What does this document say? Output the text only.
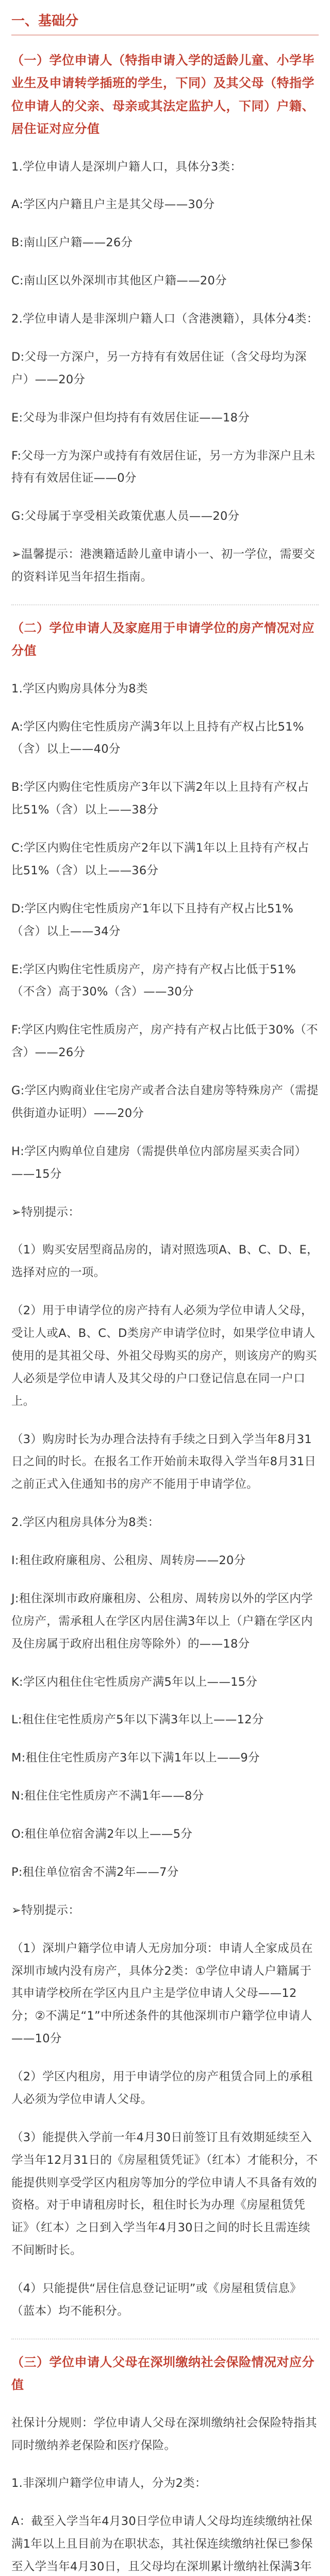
一、基础分
（一）学位申请人（特指申请入学的适龄儿童、小学毕业生及申请转学插班的学生，下同）及其父母（特指学位申请人的父亲、母亲或其法定监护人，下同）户籍、居住证对应分值

1.学位申请人是深圳户籍人口，具体分3类：

A:学区内户籍且户主是其父母——30分

B:南山区户籍——26分

C:南山区以外深圳市其他区户籍——20分

2.学位申请人是非深圳户籍人口（含港澳籍），具体分4类：

D:父母一方深户，另一方持有有效居住证（含父母均为深户）——20分

E:父母为非深户但均持有有效居住证——18分

F:父母一方为深户或持有有效居住证，另一方为非深户且未持有有效居住证——0分

G:父母属于享受相关政策优惠人员——20分

➢温馨提示：港澳籍适龄儿童申请小一、初一学位，需要交的资料详见当年招生指南。

（二）学位申请人及家庭用于申请学位的房产情况对应分值

1.学区内购房具体分为8类

A:学区内购住宅性质房产满3年以上且持有产权占比51%（含）以上——40分

B:学区内购住宅性质房产3年以下满2年以上且持有产权占比51%（含）以上——38分

C:学区内购住宅性质房产2年以下满1年以上且持有产权占比51%（含）以上——36分

D:学区内购住宅性质房产1年以下且持有产权占比51%（含）以上——34分

E:学区内购住宅性质房产，房产持有产权占比低于51%（不含）高于30%（含）——30分

F:学区内购住宅性质房产，房产持有产权占比低于30%（不含）——26分

G:学区内购商业住宅房产或者合法自建房等特殊房产（需提供街道办证明）——20分

H:学区内购单位自建房（需提供单位内部房屋买卖合同）——15分

➢特别提示：

（1）购买安居型商品房的，请对照选项A、B、C、D、E，选择对应的一项。

（2）用于申请学位的房产持有人必须为学位申请人父母，受让人或A、B、C、D类房产申请学位时，如果学位申请人使用的是其祖父母、外祖父母购买的房产，则该房产的购买人必须是学位申请人及其父母的户口登记信息在同一户口上。

（3）购房时长为办理合法持有手续之日到入学当年8月31日之间的时长。在报名工作开始前未取得入学当年8月31日之前正式入住通知书的房产不能用于申请学位。

2.学区内租房具体分为8类：

I:租住政府廉租房、公租房、周转房——20分

J:租住深圳市政府廉租房、公租房、周转房以外的学区内学位房产，需承租人在学区内居住满3年以上（户籍在学区内及住房属于政府出租住房等除外）的——18分

K:学区内租住住宅性质房产满5年以上——15分

L:租住住宅性质房产5年以下满3年以上——12分

M:租住住宅性质房产3年以下满1年以上——9分

N:租住住宅性质房产不满1年——8分

O:租住单位宿舍满2年以上——5分

P:租住单位宿舍不满2年——7分

➢特别提示：

（1）深圳户籍学位申请人无房加分项：申请人全家成员在深圳市域内没有房产，具体分2类：①学位申请人户籍属于其申请学校所在学区内且户主是学位申请人父母——12分；②不满足“1”中所述条件的其他深圳市户籍学位申请人——10分

（2）学区内租房，用于申请学位的房产租赁合同上的承租人必须为学位申请人父母。

（3）能提供入学前一年4月30日前签订且有效期延续至入学当年12月31日的《房屋租赁凭证》（红本）才能积分，不能提供则享受学区内租房等加分的学位申请人不具备有效的资格。对于申请租房时长，租住时长为办理《房屋租赁凭证》（红本）之日到入学当年4月30日之间的时长且需连续不间断时长。

（4）只能提供“居住信息登记证明”或《房屋租赁信息》（蓝本）均不能积分。

（三）学位申请人父母在深圳缴纳社会保险情况对应分值

社保计分规则：学位申请人父母在深圳缴纳社会保险特指其同时缴纳养老保险和医疗保险。

1.非深圳户籍学位申请人，分为2类：

A：截至入学当年4月30日学位申请人父母均连续缴纳社保满1年以上且目前为在职状态，其社保连续缴纳社保已参保至入学当年4月30日，且父母均在深圳累计缴纳社保满3年
